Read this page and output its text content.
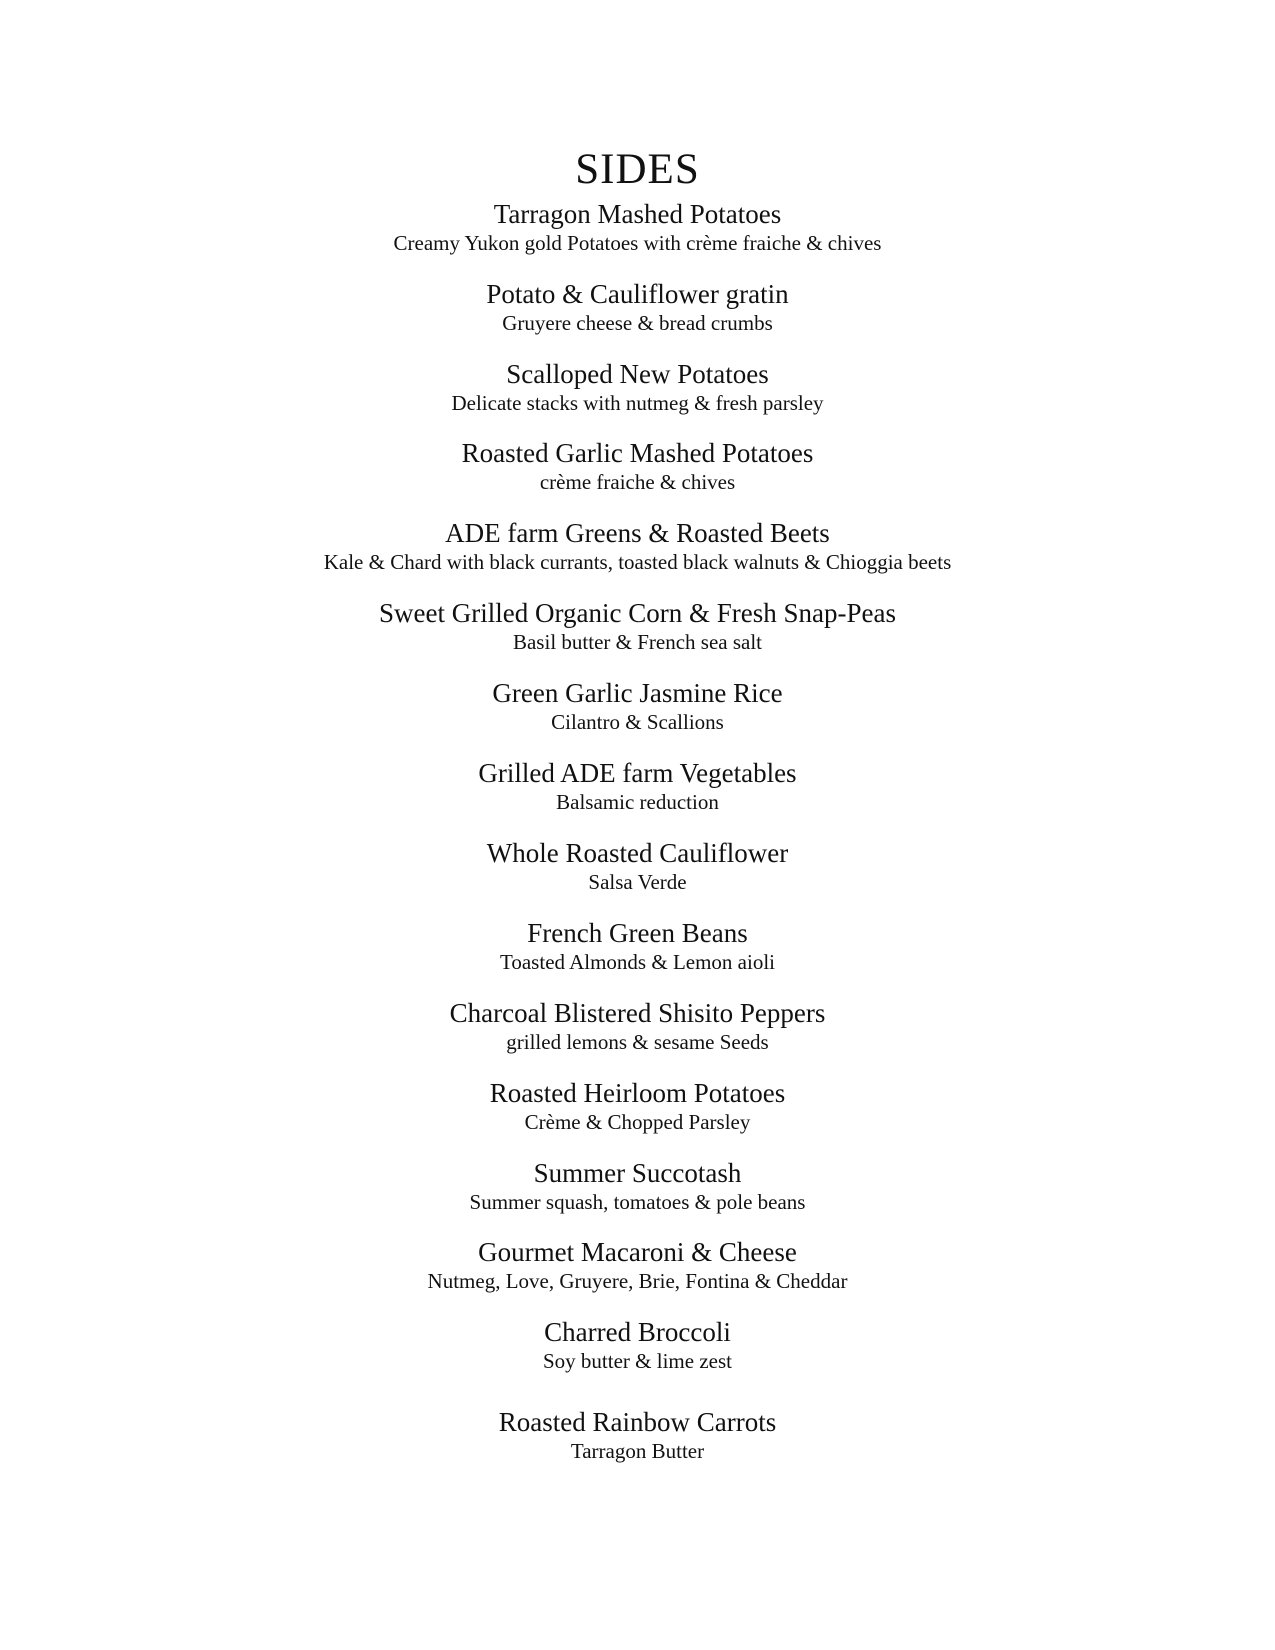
SIDES
Tarragon Mashed Potatoes
Creamy Yukon gold Potatoes with crème fraiche & chives
Potato & Cauliflower gratin
Gruyere cheese & bread crumbs
Scalloped New Potatoes
Delicate stacks with nutmeg & fresh parsley
Roasted Garlic Mashed Potatoes
crème fraiche & chives
ADE farm Greens & Roasted Beets
Kale & Chard with black currants, toasted black walnuts & Chioggia beets
Sweet Grilled Organic Corn & Fresh Snap-Peas
Basil butter & French sea salt
Green Garlic Jasmine Rice
Cilantro & Scallions
Grilled ADE farm Vegetables
Balsamic reduction
Whole Roasted Cauliflower
Salsa Verde
French Green Beans
Toasted Almonds & Lemon aioli
Charcoal Blistered Shisito Peppers
grilled lemons & sesame Seeds
Roasted Heirloom Potatoes
Crème & Chopped Parsley
Summer Succotash
Summer squash, tomatoes & pole beans
Gourmet Macaroni & Cheese
Nutmeg, Love, Gruyere, Brie, Fontina & Cheddar
Charred Broccoli
Soy butter & lime zest
Roasted Rainbow Carrots
Tarragon Butter
